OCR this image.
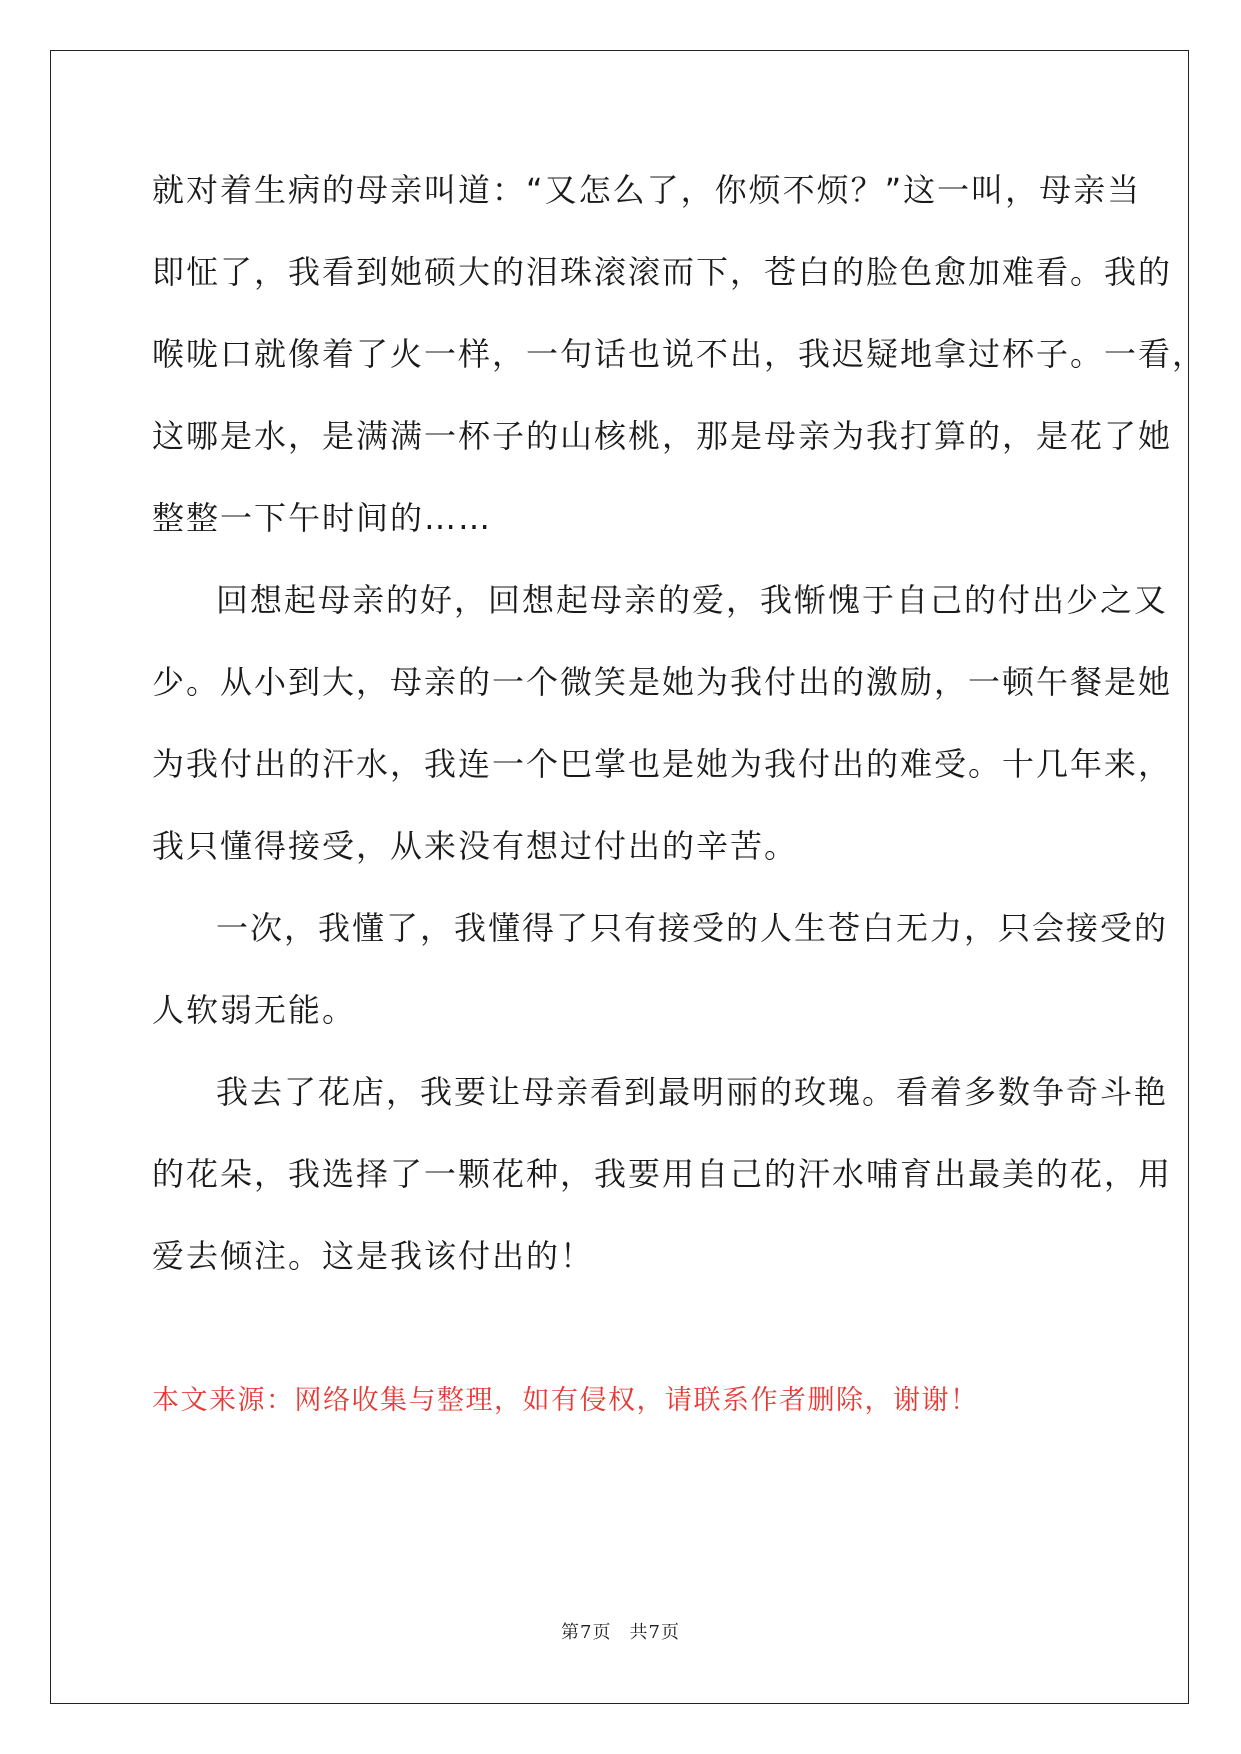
就对着生病的母亲叫道：“又怎么了，你烦不烦？”这一叫，母亲当
即怔了，我看到她硕大的泪珠滚滚而下，苍白的脸色愈加难看。我的
喉咙口就像着了火一样，一句话也说不出，我迟疑地拿过杯子。一看，
这哪是水，是满满一杯子的山核桃，那是母亲为我打算的，是花了她
整整一下午时间的……
回想起母亲的好，回想起母亲的爱，我惭愧于自己的付出少之又
少。从小到大，母亲的一个微笑是她为我付出的激励，一顿午餐是她
为我付出的汗水，我连一个巴掌也是她为我付出的难受。十几年来，
我只懂得接受，从来没有想过付出的辛苦。
一次，我懂了，我懂得了只有接受的人生苍白无力，只会接受的
人软弱无能。
我去了花店，我要让母亲看到最明丽的玫瑰。看着多数争奇斗艳
的花朵，我选择了一颗花种，我要用自己的汗水哺育出最美的花，用
爱去倾注。这是我该付出的！
本文来源：网络收集与整理，如有侵权，请联系作者删除，谢谢！
第7页 共7页
